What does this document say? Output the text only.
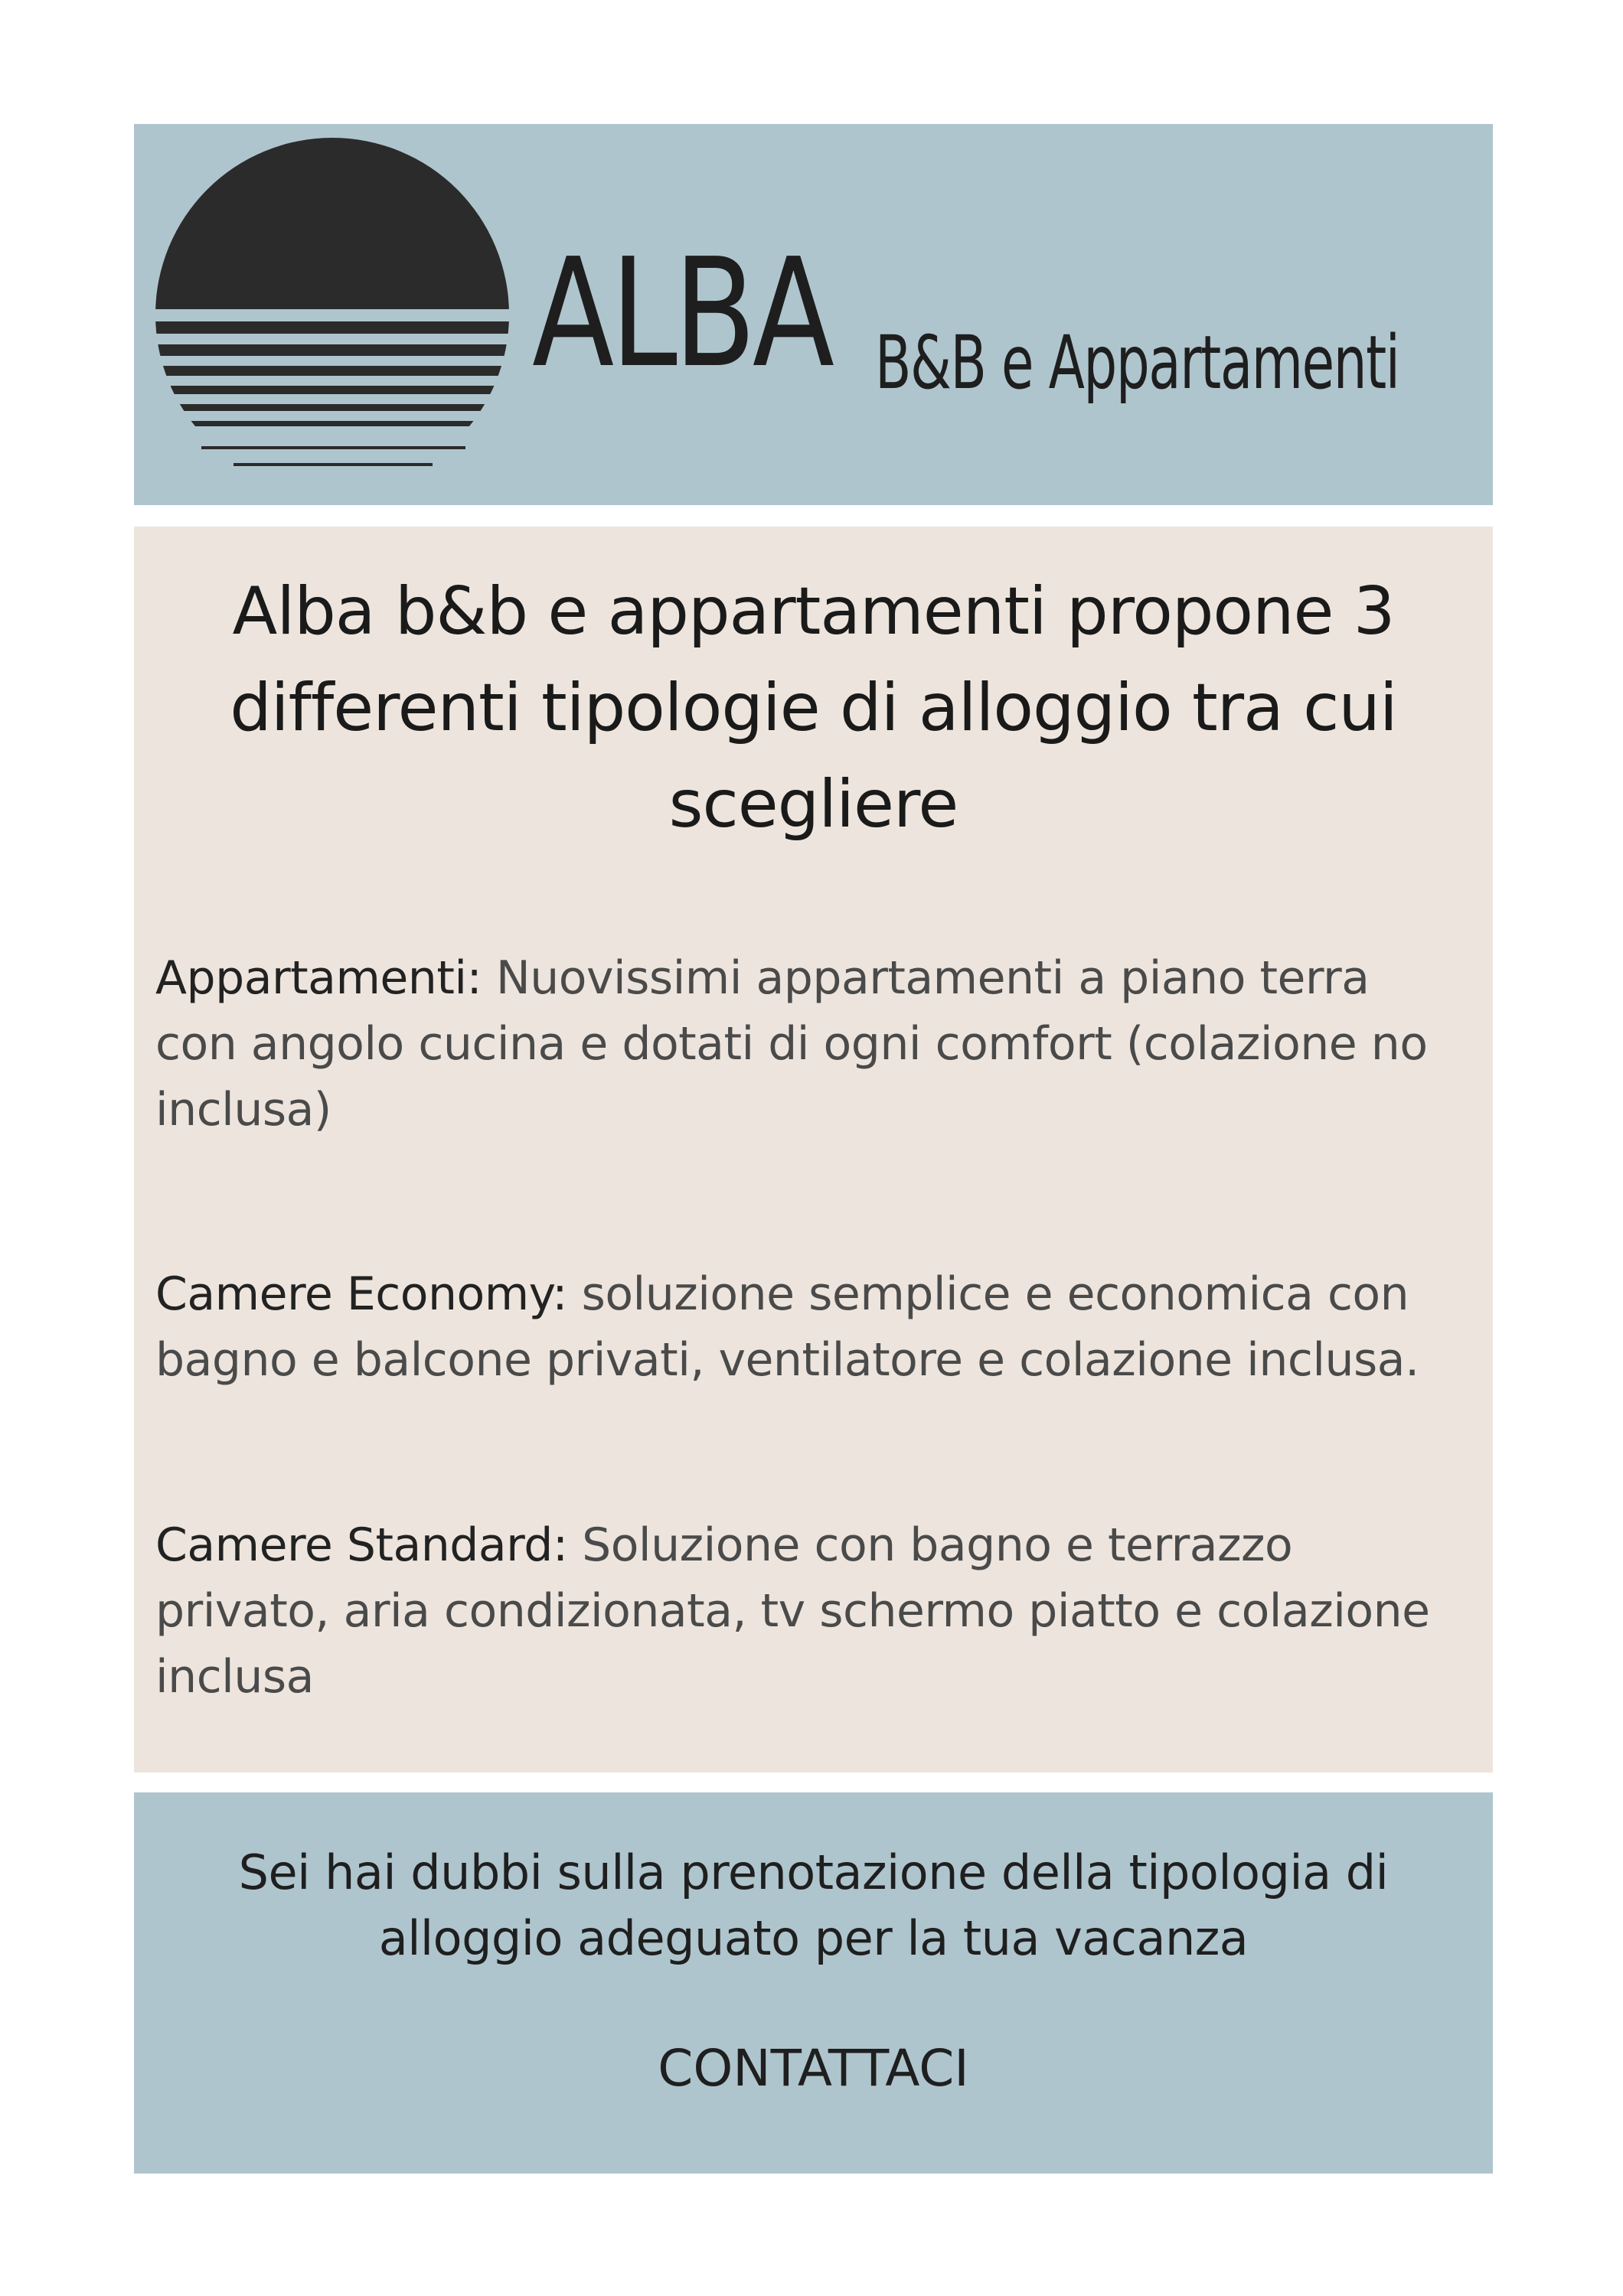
ALBA B&B e Appartamenti
Alba b&b e appartamenti propone 3 differenti tipologie di alloggio tra cui scegliere

Appartamenti: Nuovissimi appartamenti a piano terra con angolo cucina e dotati di ogni comfort (colazione no inclusa)

Camere Economy: soluzione semplice e economica con bagno e balcone privati, ventilatore e colazione inclusa.

Camere Standard: Soluzione con bagno e terrazzo privato, aria condizionata, tv schermo piatto e colazione inclusa

Sei hai dubbi sulla prenotazione della tipologia di alloggio adeguato per la tua vacanza

CONTATTACI
